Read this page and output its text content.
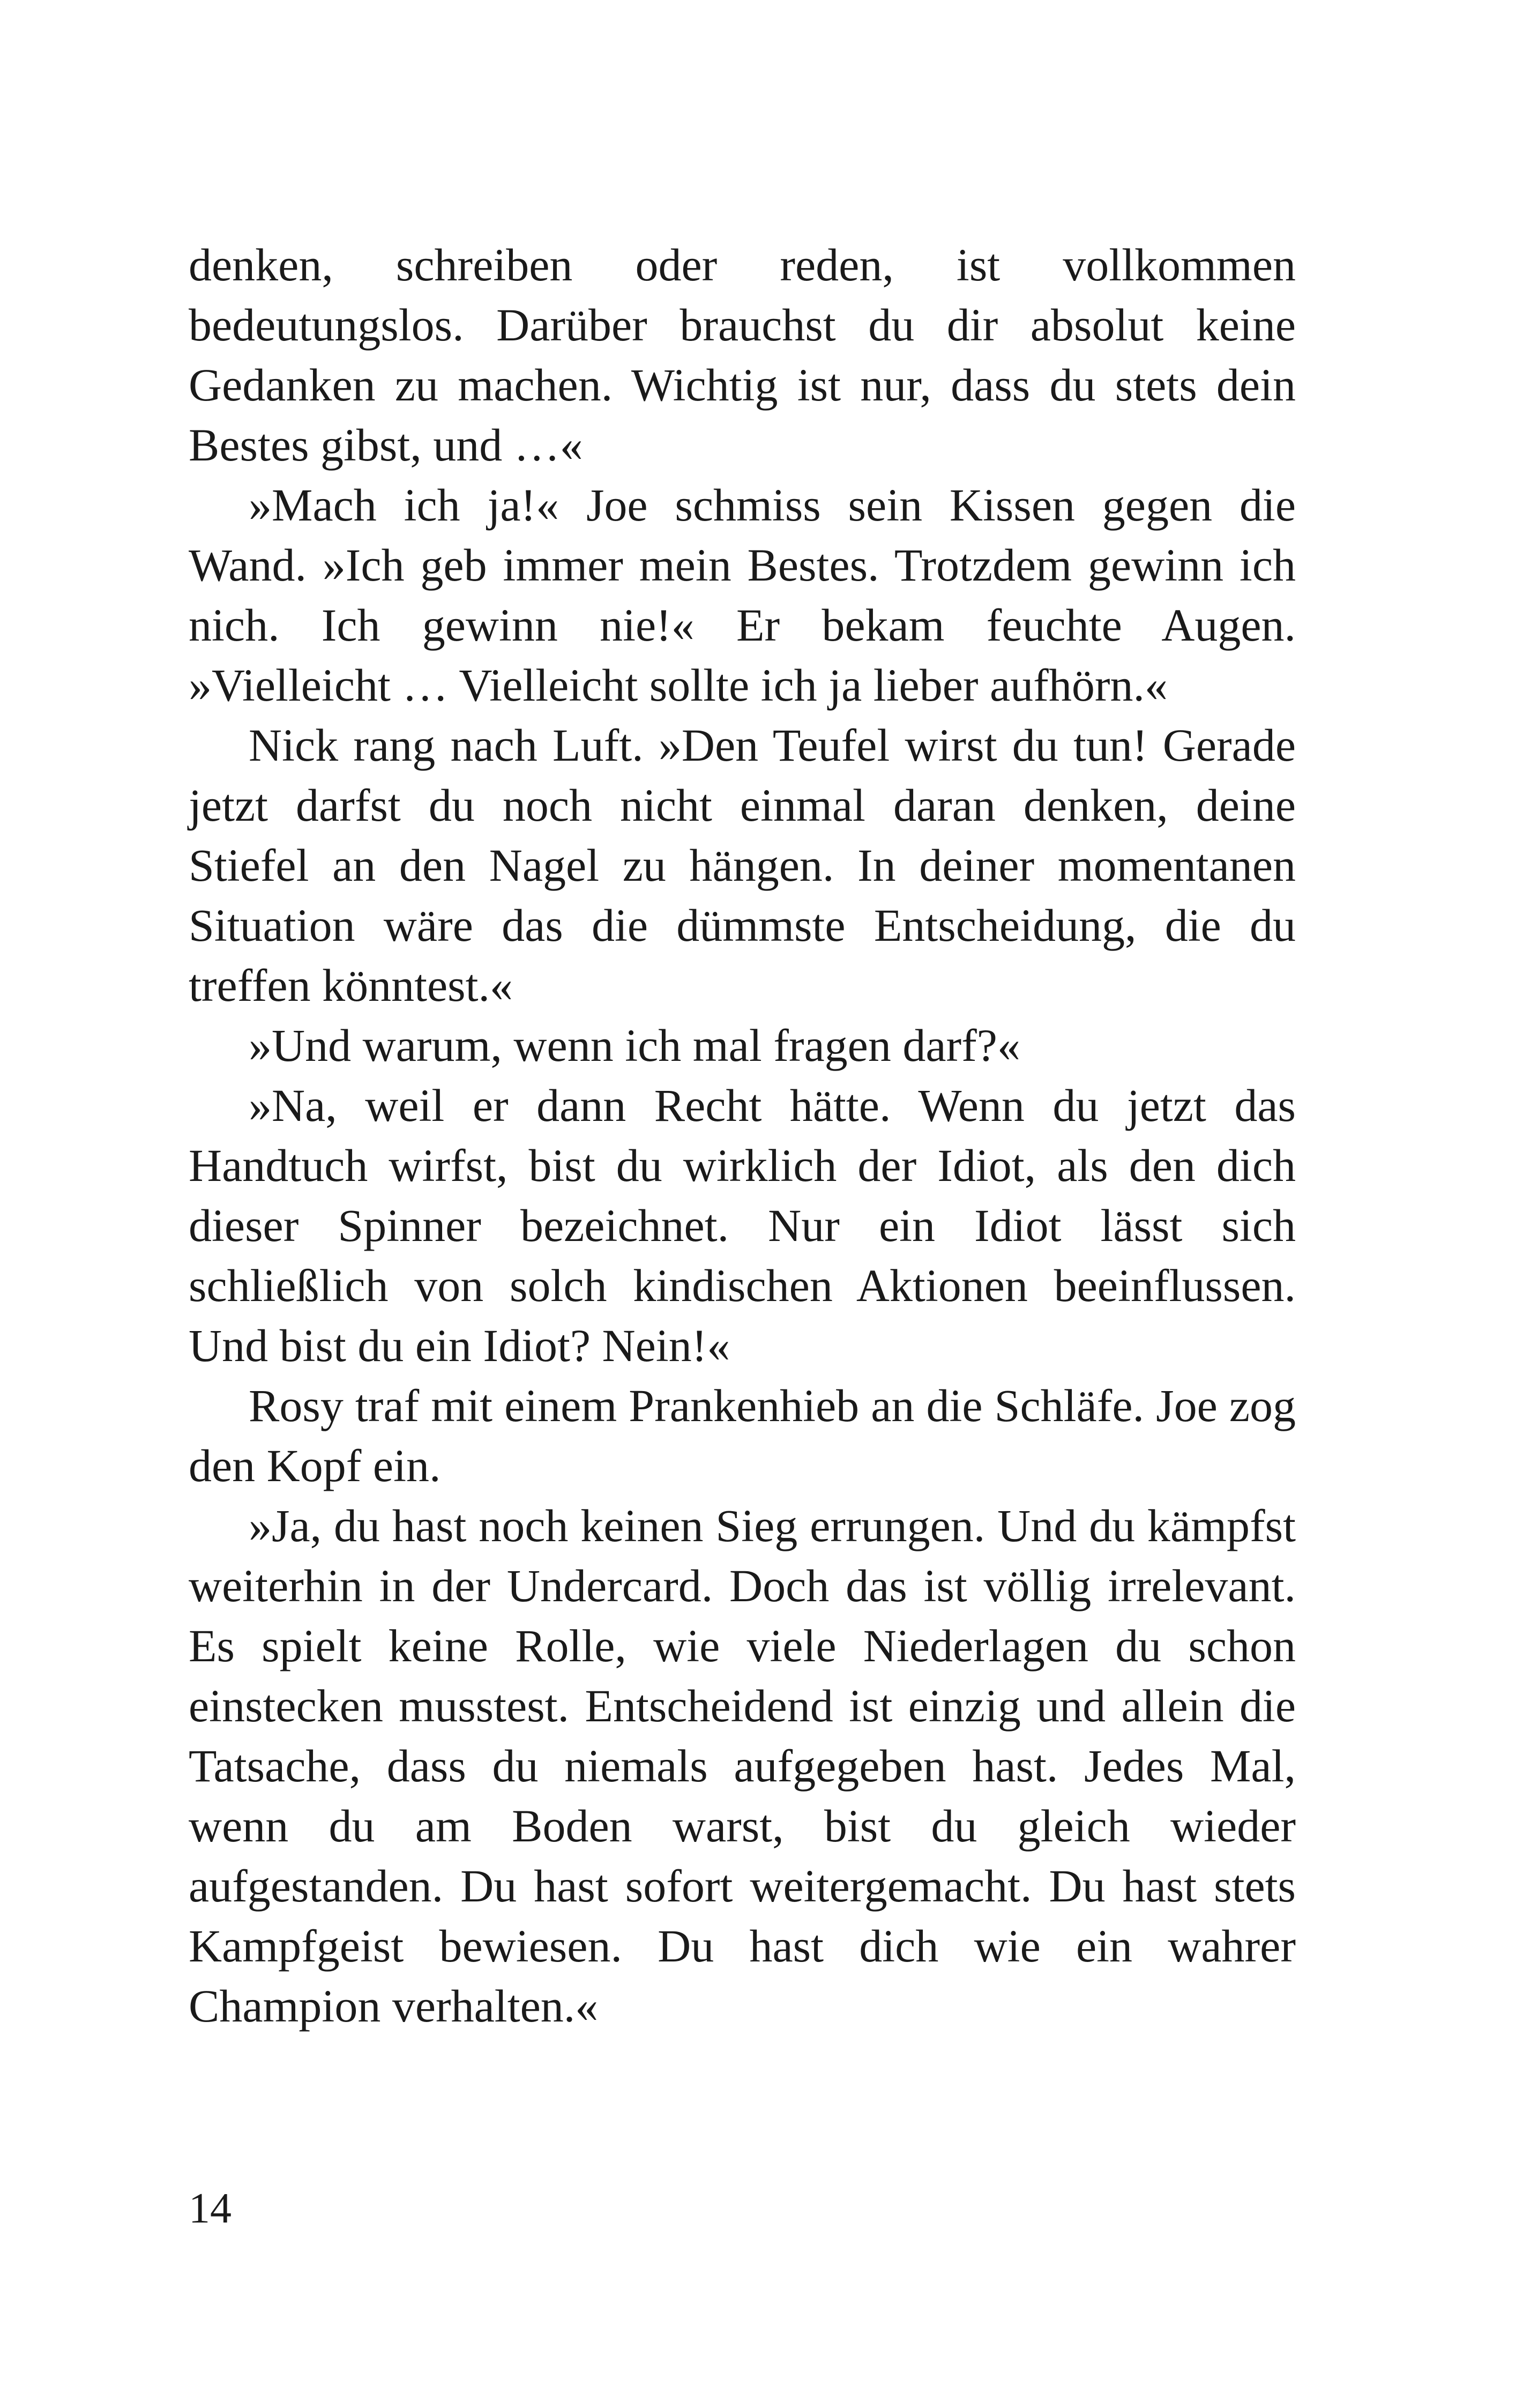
denken, schreiben oder reden, ist vollkommen bedeutungslos. Darüber brauchst du dir absolut keine Gedanken zu machen. Wichtig ist nur, dass du stets dein Bestes gibst, und …«

»Mach ich ja!« Joe schmiss sein Kissen gegen die Wand. »Ich geb immer mein Bestes. Trotzdem gewinn ich nich. Ich gewinn nie!« Er bekam feuchte Augen. »Vielleicht … Vielleicht sollte ich ja lieber aufhörn.«

Nick rang nach Luft. »Den Teufel wirst du tun! Gerade jetzt darfst du noch nicht einmal daran denken, deine Stiefel an den Nagel zu hängen. In deiner momentanen Situation wäre das die dümmste Entscheidung, die du treffen könntest.«

»Und warum, wenn ich mal fragen darf?«

»Na, weil er dann Recht hätte. Wenn du jetzt das Handtuch wirfst, bist du wirklich der Idiot, als den dich dieser Spinner bezeichnet. Nur ein Idiot lässt sich schließlich von solch kindischen Aktionen beeinflussen. Und bist du ein Idiot? Nein!«

Rosy traf mit einem Prankenhieb an die Schläfe. Joe zog den Kopf ein.

»Ja, du hast noch keinen Sieg errungen. Und du kämpfst weiterhin in der Undercard. Doch das ist völlig irrelevant. Es spielt keine Rolle, wie viele Niederlagen du schon einstecken musstest. Entscheidend ist einzig und allein die Tatsache, dass du niemals aufgegeben hast. Jedes Mal, wenn du am Boden warst, bist du gleich wieder aufgestanden. Du hast sofort weitergemacht. Du hast stets Kampfgeist bewiesen. Du hast dich wie ein wahrer Champion verhalten.«

14
